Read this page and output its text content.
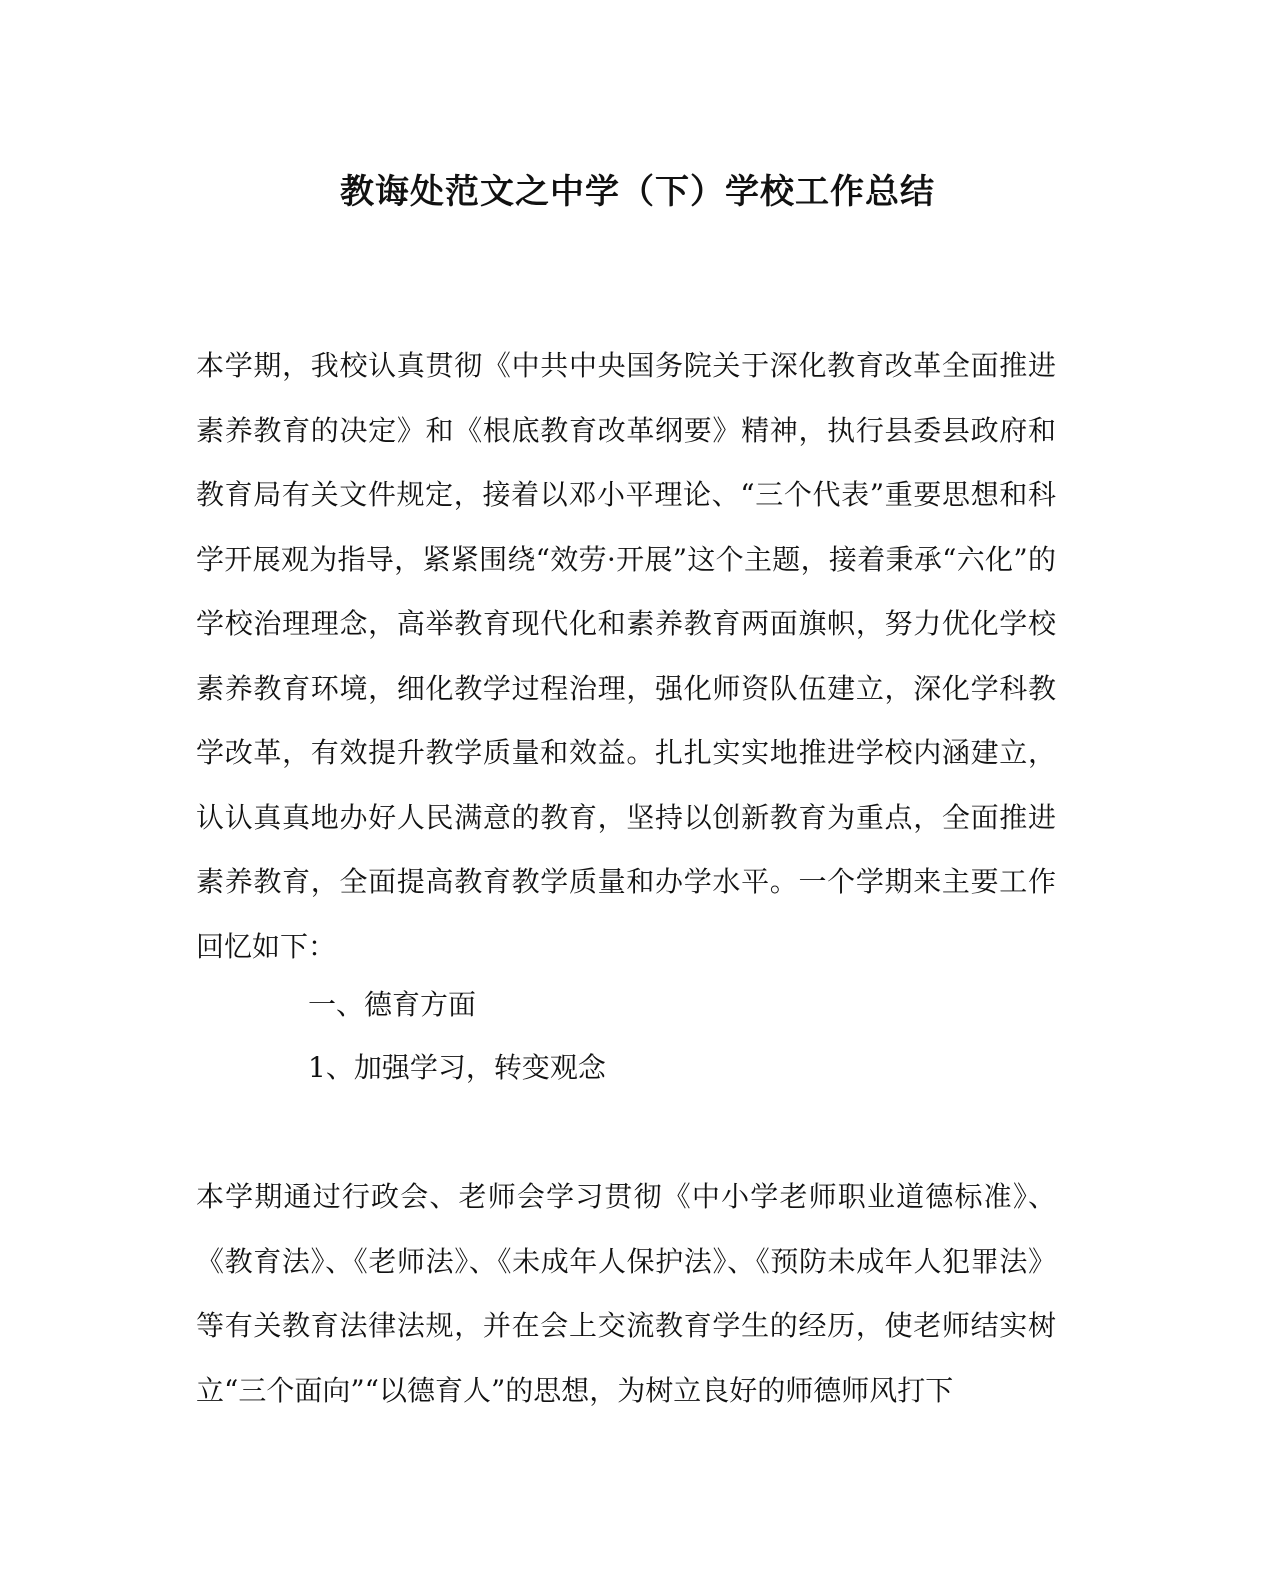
教诲处范文之中学（下）学校工作总结

本学期，我校认真贯彻《中共中央国务院关于深化教育改革全面推进素养教育的决定》和《根底教育改革纲要》精神，执行县委县政府和教育局有关文件规定，接着以邓小平理论、“三个代表”重要思想和科学开展观为指导，紧紧围绕“效劳·开展”这个主题，接着秉承“六化”的学校治理理念，高举教育现代化和素养教育两面旗帜，努力优化学校素养教育环境，细化教学过程治理，强化师资队伍建立，深化学科教学改革，有效提升教学质量和效益。扎扎实实地推进学校内涵建立，认认真真地办好人民满意的教育，坚持以创新教育为重点，全面推进素养教育，全面提高教育教学质量和办学水平。一个学期来主要工作回忆如下：

一、德育方面

1、加强学习，转变观念

本学期通过行政会、老师会学习贯彻《中小学老师职业道德标准》、《教育法》、《老师法》、《未成年人保护法》、《预防未成年人犯罪法》等有关教育法律法规，并在会上交流教育学生的经历，使老师结实树立“三个面向”“以德育人”的思想，为树立良好的师德师风打下
